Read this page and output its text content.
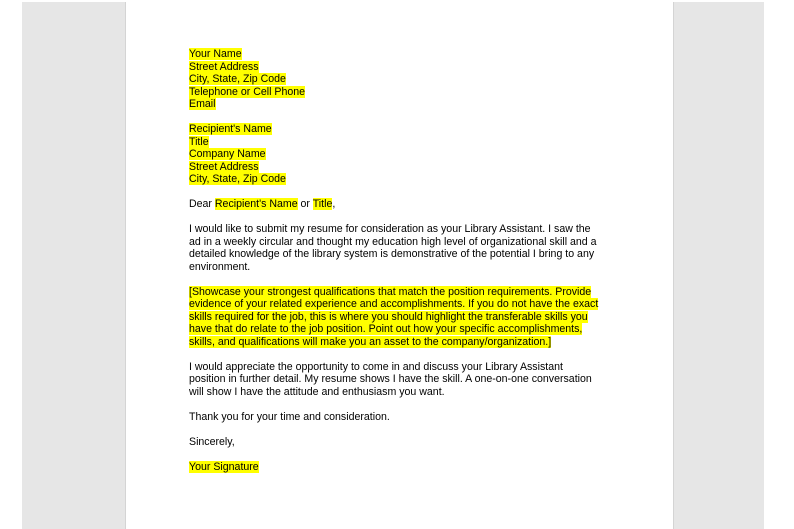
Your Name
Street Address
City, State, Zip Code
Telephone or Cell Phone
Email
Recipient's Name
Title
Company Name
Street Address
City, State, Zip Code

Dear Recipient's Name or Title,

I would like to submit my resume for consideration as your Library Assistant. I saw the
ad in a weekly circular and thought my education high level of organizational skill and a
detailed knowledge of the library system is demonstrative of the potential I bring to any
environment.

[Showcase your strongest qualifications that match the position requirements. Provide
evidence of your related experience and accomplishments. If you do not have the exact
skills required for the job, this is where you should highlight the transferable skills you
have that do relate to the job position. Point out how your specific accomplishments,
skills, and qualifications will make you an asset to the company/organization.]

I would appreciate the opportunity to come in and discuss your Library Assistant
position in further detail. My resume shows I have the skill. A one-on-one conversation
will show I have the attitude and enthusiasm you want.

Thank you for your time and consideration.

Sincerely,

Your Signature
